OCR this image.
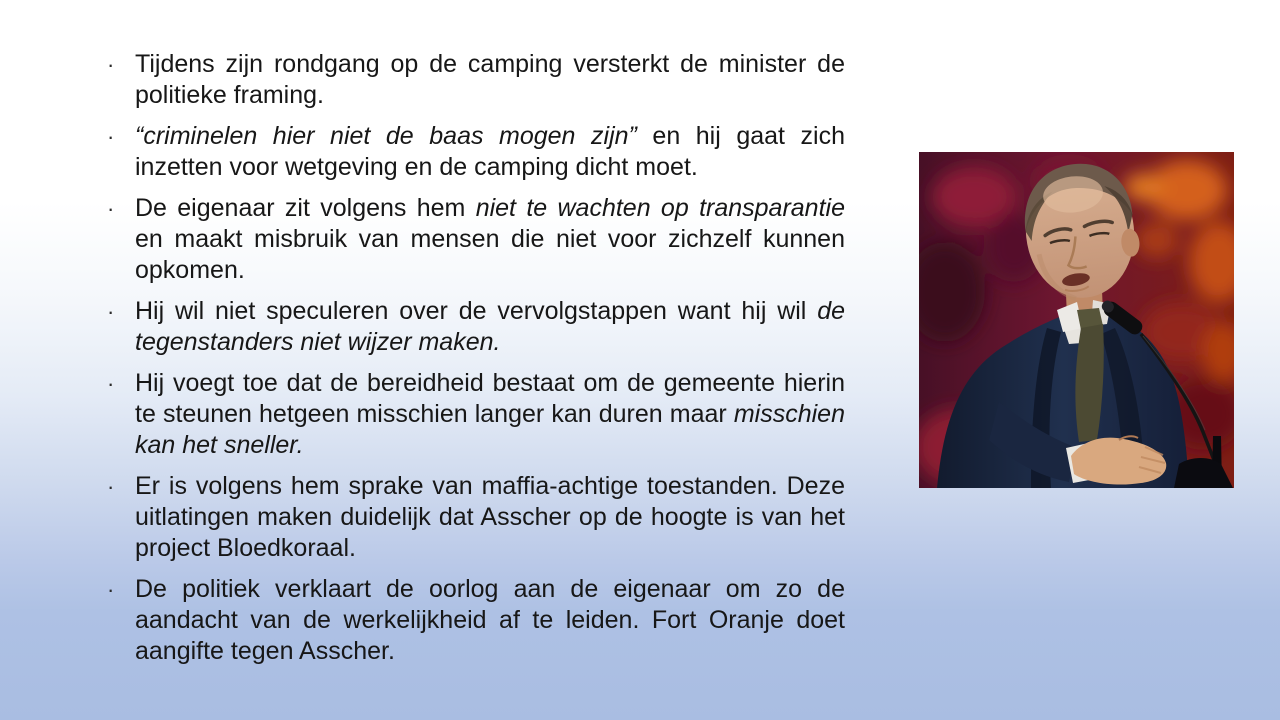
· Tijdens zijn rondgang op de camping versterkt de minister de politieke framing.
· “criminelen hier niet de baas mogen zijn” en hij gaat zich inzetten voor wetgeving en de camping dicht moet.
· De eigenaar zit volgens hem niet te wachten op transparantie en maakt misbruik van mensen die niet voor zichzelf kunnen opkomen.
· Hij wil niet speculeren over de vervolgstappen want hij wil de tegenstanders niet wijzer maken.
· Hij voegt toe dat de bereidheid bestaat om de gemeente hierin te steunen hetgeen misschien langer kan duren maar misschien kan het sneller.
· Er is volgens hem sprake van maffia-achtige toestanden. Deze uitlatingen maken duidelijk dat Asscher op de hoogte is van het project Bloedkoraal.
· De politiek verklaart de oorlog aan de eigenaar om zo de aandacht van de werkelijkheid af te leiden. Fort Oranje doet aangifte tegen Asscher.
